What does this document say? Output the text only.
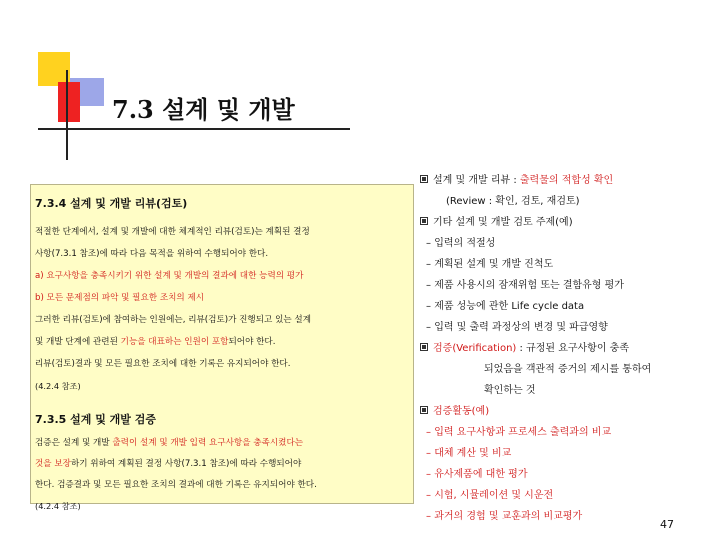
7.3 설계 및 개발

7.3.4 설계 및 개발 리뷰(검토)

적절한 단계에서, 설계 및 개발에 대한 체계적인 리뷰(검토)는 계획된 결정

사항(7.3.1 참조)에 따라 다음 목적을 위하여 수행되어야 한다.

a) 요구사항을 충족시키기 위한 설계 및 개발의 결과에 대한 능력의 평가

b) 모든 문제점의 파악 및 필요한 조치의 제시

그러한 리뷰(검토)에 참여하는 인원에는, 리뷰(검토)가 진행되고 있는 설계

및 개발 단계에 관련된 기능을 대표하는 인원이 포함되어야 한다.

리뷰(검토)결과 및 모든 필요한 조치에 대한 기록은 유지되어야 한다.

(4.2.4 참조)

7.3.5 설계 및 개발 검증

검증은 설계 및 개발 출력이 설계 및 개발 입력 요구사항을 충족시켰다는

것을 보장하기 위하여 계획된 결정 사항(7.3.1 참조)에 따라 수행되어야

한다. 검증결과 및 모든 필요한 조치의 결과에 대한 기록은 유지되어야 한다.

(4.2.4 참조)

설계 및 개발 리뷰 : 출력물의 적합성 확인

(Review : 확인, 검토, 재검토)

기타 설계 및 개발 검토 주제(예)

– 입력의 적절성

– 계획된 설계 및 개발 진척도

– 제품 사용시의 잠재위험 또는 결함유형 평가

– 제품 성능에 관한 Life cycle data

– 입력 및 출력 과정상의 변경 및 파급영향

검증(Verification) : 규정된 요구사항이 충족

되었음을 객관적 증거의 제시를 통하여

확인하는 것

검증활동(예)

– 입력 요구사항과 프로세스 출력과의 비교

– 대체 계산 및 비교

– 유사제품에 대한 평가

– 시험, 시뮬레이션 및 시운전

– 과거의 경험 및 교훈과의 비교평가

47
